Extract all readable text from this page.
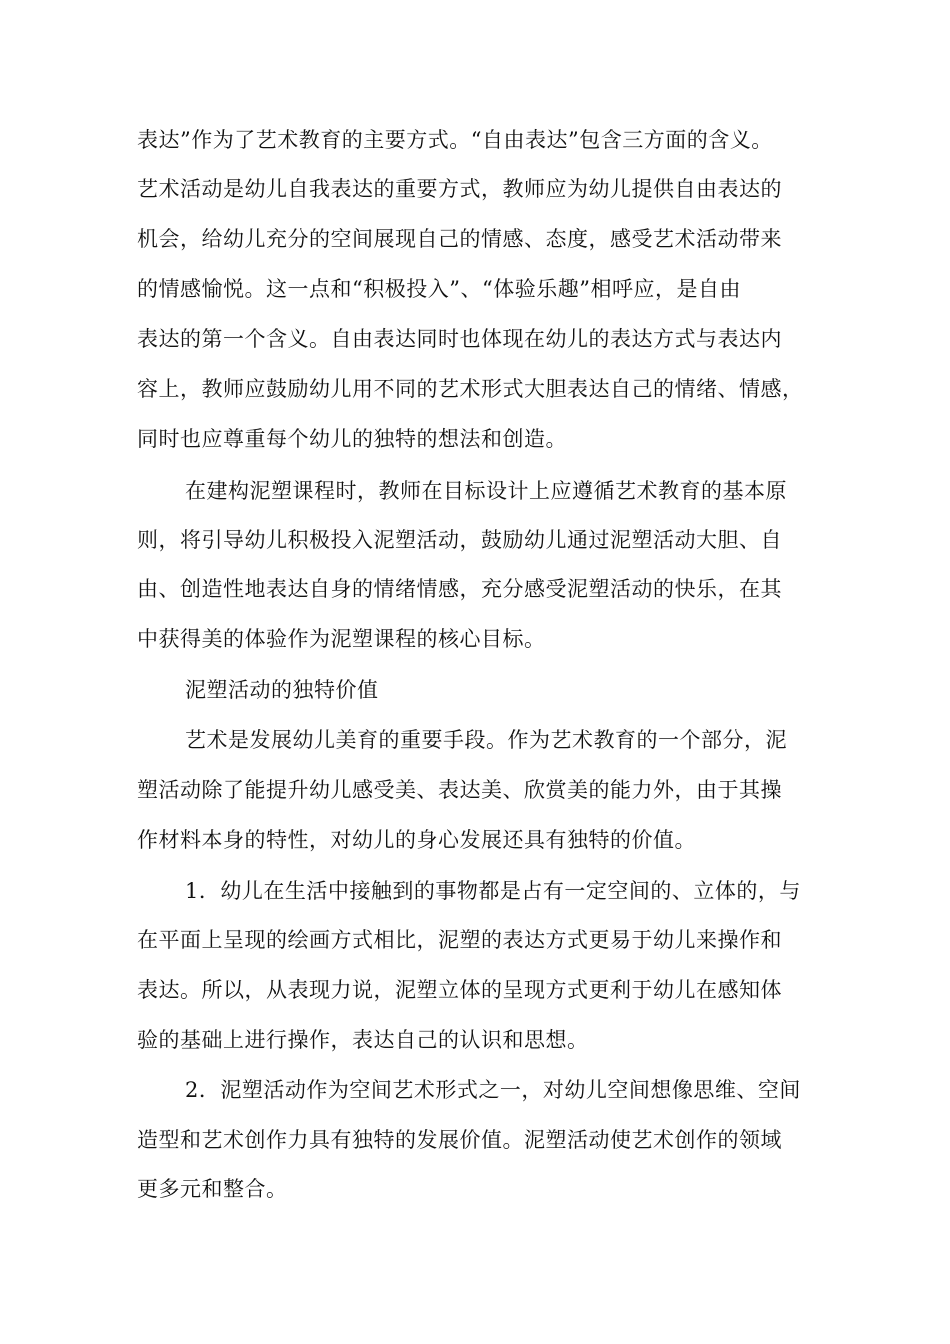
表达”作为了艺术教育的主要方式。“自由表达”包含三方面的含义。
艺术活动是幼儿自我表达的重要方式，教师应为幼儿提供自由表达的
机会，给幼儿充分的空间展现自己的情感、态度，感受艺术活动带来
的情感愉悦。这一点和“积极投入”、“体验乐趣”相呼应，是自由
表达的第一个含义。自由表达同时也体现在幼儿的表达方式与表达内
容上，教师应鼓励幼儿用不同的艺术形式大胆表达自己的情绪、情感，
同时也应尊重每个幼儿的独特的想法和创造。
在建构泥塑课程时，教师在目标设计上应遵循艺术教育的基本原
则，将引导幼儿积极投入泥塑活动，鼓励幼儿通过泥塑活动大胆、自
由、创造性地表达自身的情绪情感，充分感受泥塑活动的快乐，在其
中获得美的体验作为泥塑课程的核心目标。
泥塑活动的独特价值
艺术是发展幼儿美育的重要手段。作为艺术教育的一个部分，泥
塑活动除了能提升幼儿感受美、表达美、欣赏美的能力外，由于其操
作材料本身的特性，对幼儿的身心发展还具有独特的价值。
1．幼儿在生活中接触到的事物都是占有一定空间的、立体的，与
在平面上呈现的绘画方式相比，泥塑的表达方式更易于幼儿来操作和
表达。所以，从表现力说，泥塑立体的呈现方式更利于幼儿在感知体
验的基础上进行操作，表达自己的认识和思想。
2．泥塑活动作为空间艺术形式之一，对幼儿空间想像思维、空间
造型和艺术创作力具有独特的发展价值。泥塑活动使艺术创作的领域
更多元和整合。
